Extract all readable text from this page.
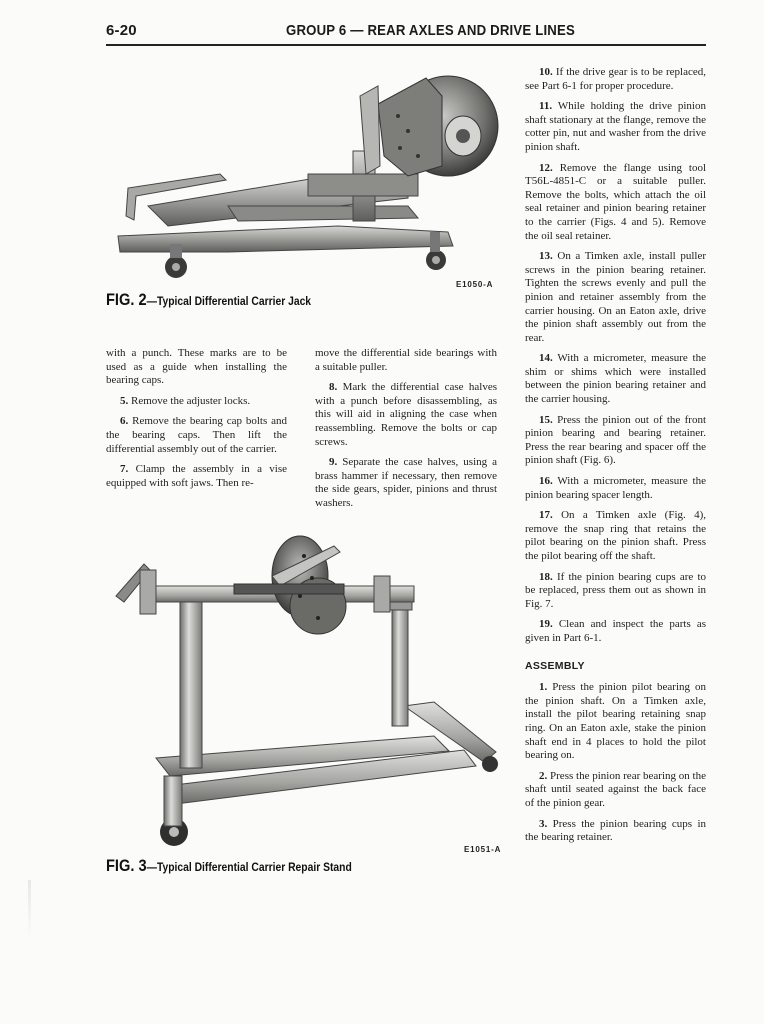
6-20	GROUP 6 — REAR AXLES AND DRIVE LINES
E1050-A
FIG. 2—Typical Differential Carrier Jack

with a punch. These marks are to be used as a guide when installing the bearing caps.

5. Remove the adjuster locks.

6. Remove the bearing cap bolts and the bearing caps. Then lift the differential assembly out of the carrier.

7. Clamp the assembly in a vise equipped with soft jaws. Then re-

move the differential side bearings with a suitable puller.

8. Mark the differential case halves with a punch before disassembling, as this will aid in aligning the case when reassembling. Remove the bolts or cap screws.

9. Separate the case halves, using a brass hammer if necessary, then remove the side gears, spider, pinions and thrust washers.

E1051-A
FIG. 3—Typical Differential Carrier Repair Stand

10. If the drive gear is to be replaced, see Part 6-1 for proper procedure.

11. While holding the drive pinion shaft stationary at the flange, remove the cotter pin, nut and washer from the drive pinion shaft.

12. Remove the flange using tool T56L-4851-C or a suitable puller. Remove the bolts, which attach the oil seal retainer and pinion bearing retainer to the carrier (Figs. 4 and 5). Remove the oil seal retainer.

13. On a Timken axle, install puller screws in the pinion bearing retainer. Tighten the screws evenly and pull the pinion and retainer assembly from the carrier housing. On an Eaton axle, drive the pinion shaft assembly out from the rear.

14. With a micrometer, measure the shim or shims which were installed between the pinion bearing retainer and the carrier housing.

15. Press the pinion out of the front pinion bearing and bearing retainer. Press the rear bearing and spacer off the pinion shaft (Fig. 6).

16. With a micrometer, measure the pinion bearing spacer length.

17. On a Timken axle (Fig. 4), remove the snap ring that retains the pilot bearing on the pinion shaft. Press the pilot bearing off the shaft.

18. If the pinion bearing cups are to be replaced, press them out as shown in Fig. 7.

19. Clean and inspect the parts as given in Part 6-1.

ASSEMBLY

1. Press the pinion pilot bearing on the pinion shaft. On a Timken axle, install the pilot bearing retaining snap ring. On an Eaton axle, stake the pinion shaft end in 4 places to hold the pilot bearing on.

2. Press the pinion rear bearing on the shaft until seated against the back face of the pinion gear.

3. Press the pinion bearing cups in the bearing retainer.
